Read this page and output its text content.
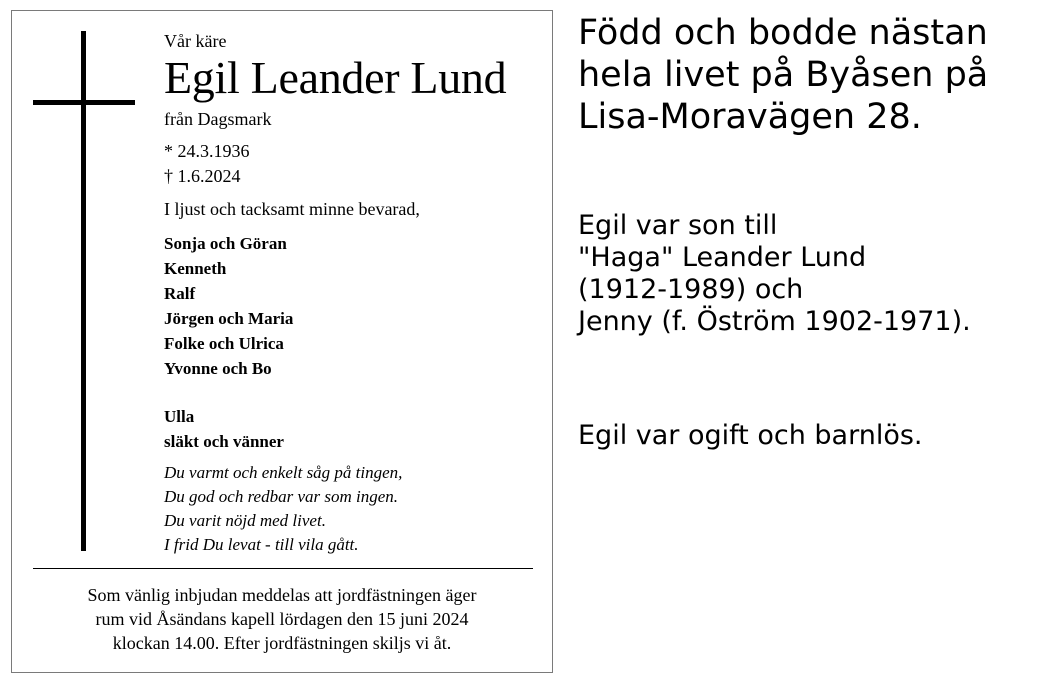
Vår käre
Egil Leander Lund
från Dagsmark
* 24.3.1936
† 1.6.2024
I ljust och tacksamt minne bevarad,
Sonja och Göran
Kenneth
Ralf
Jörgen och Maria
Folke och Ulrica
Yvonne och Bo
Ulla
släkt och vänner
Du varmt och enkelt såg på tingen,
Du god och redbar var som ingen.
Du varit nöjd med livet.
I frid Du levat - till vila gått.
Som vänlig inbjudan meddelas att jordfästningen äger
rum vid Åsändans kapell lördagen den 15 juni 2024
klockan 14.00. Efter jordfästningen skiljs vi åt.
Född och bodde nästan
hela livet på Byåsen på
Lisa-Moravägen 28.
Egil var son till
"Haga" Leander Lund
(1912-1989) och
Jenny (f. Öström 1902-1971).
Egil var ogift och barnlös.
